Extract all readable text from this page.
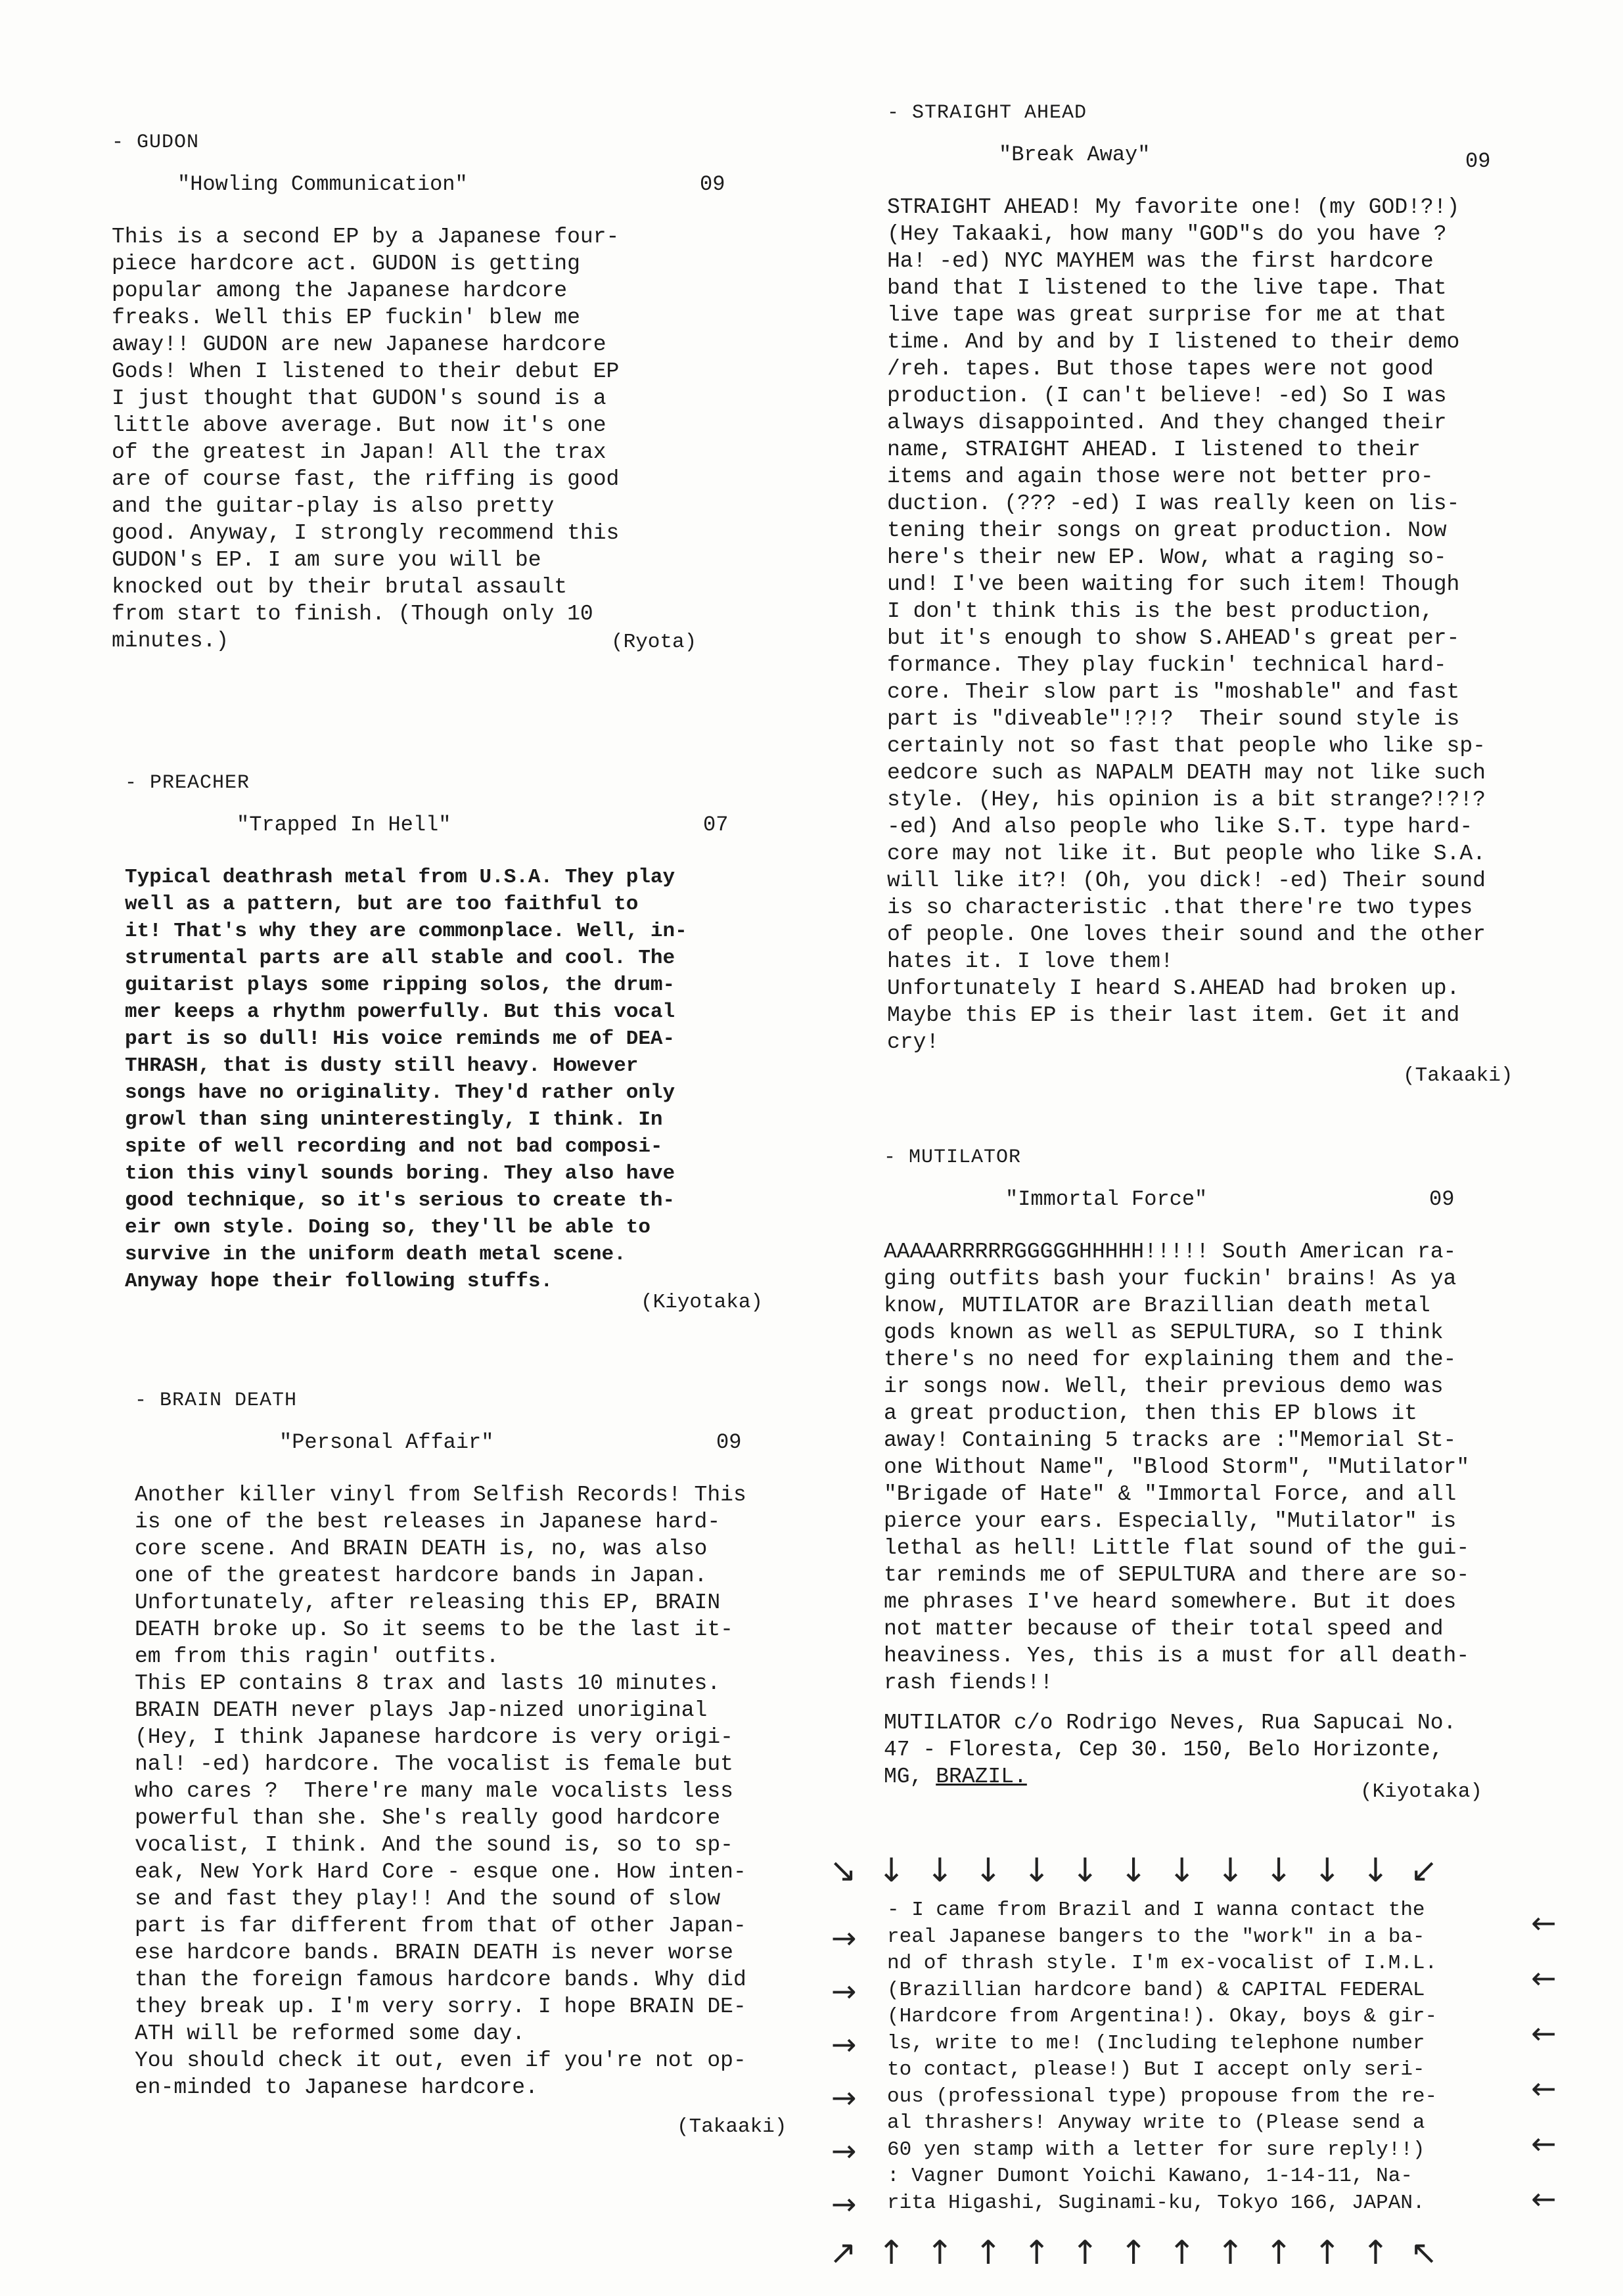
- GUDON
"Howling Communication"	09

This is a second EP by a Japanese four-

piece hardcore act. GUDON is getting

popular among the Japanese hardcore

freaks. Well this EP fuckin' blew me

away!! GUDON are new Japanese hardcore

Gods! When I listened to their debut EP

I just thought that GUDON's sound is a

little above average. But now it's one

of the greatest in Japan! All the trax

are of course fast, the riffing is good

and the guitar-play is also pretty

good. Anyway, I strongly recommend this

GUDON's EP. I am sure you will be

knocked out by their brutal assault

from start to finish. (Though only 10

minutes.)	(Ryota)
- PREACHER
"Trapped In Hell"	07

Typical deathrash metal from U.S.A. They play

well as a pattern, but are too faithful to

it! That's why they are commonplace. Well, in-

strumental parts are all stable and cool. The

guitarist plays some ripping solos, the drum-

mer keeps a rhythm powerfully. But this vocal

part is so dull! His voice reminds me of DEA-

THRASH, that is dusty still heavy. However

songs have no originality. They'd rather only

growl than sing uninterestingly, I think. In

spite of well recording and not bad composi-

tion this vinyl sounds boring. They also have

good technique, so it's serious to create th-

eir own style. Doing so, they'll be able to

survive in the uniform death metal scene.

Anyway hope their following stuffs.

(Kiyotaka)
- BRAIN DEATH
"Personal Affair"	09

Another killer vinyl from Selfish Records! This

is one of the best releases in Japanese hard-

core scene. And BRAIN DEATH is, no, was also

one of the greatest hardcore bands in Japan.

Unfortunately, after releasing this EP, BRAIN

DEATH broke up. So it seems to be the last it-

em from this ragin' outfits.

This EP contains 8 trax and lasts 10 minutes.

BRAIN DEATH never plays Jap-nized unoriginal

(Hey, I think Japanese hardcore is very origi-

nal! -ed) hardcore. The vocalist is female but

who cares ?  There're many male vocalists less

powerful than she. She's really good hardcore

vocalist, I think. And the sound is, so to sp-

eak, New York Hard Core - esque one. How inten-

se and fast they play!! And the sound of slow

part is far different from that of other Japan-

ese hardcore bands. BRAIN DEATH is never worse

than the foreign famous hardcore bands. Why did

they break up. I'm very sorry. I hope BRAIN DE-

ATH will be reformed some day.

You should check it out, even if you're not op-

en-minded to Japanese hardcore.

(Takaaki)
- STRAIGHT AHEAD
"Break Away"	09

STRAIGHT AHEAD! My favorite one! (my GOD!?!)

(Hey Takaaki, how many "GOD"s do you have ?

Ha! -ed) NYC MAYHEM was the first hardcore

band that I listened to the live tape. That

live tape was great surprise for me at that

time. And by and by I listened to their demo

/reh. tapes. But those tapes were not good

production. (I can't believe! -ed) So I was

always disappointed. And they changed their

name, STRAIGHT AHEAD. I listened to their

items and again those were not better pro-

duction. (??? -ed) I was really keen on lis-

tening their songs on great production. Now

here's their new EP. Wow, what a raging so-

und! I've been waiting for such item! Though

I don't think this is the best production,

but it's enough to show S.AHEAD's great per-

formance. They play fuckin' technical hard-

core. Their slow part is "moshable" and fast

part is "diveable"!?!?  Their sound style is

certainly not so fast that people who like sp-

eedcore such as NAPALM DEATH may not like such

style. (Hey, his opinion is a bit strange?!?!?

-ed) And also people who like S.T. type hard-

core may not like it. But people who like S.A.

will like it?! (Oh, you dick! -ed) Their sound

is so characteristic .that there're two types

of people. One loves their sound and the other

hates it. I love them!

Unfortunately I heard S.AHEAD had broken up.

Maybe this EP is their last item. Get it and

cry!

(Takaaki)
- MUTILATOR
"Immortal Force"	09

AAAAARRRRRGGGGGHHHHH!!!!! South American ra-

ging outfits bash your fuckin' brains! As ya

know, MUTILATOR are Brazillian death metal

gods known as well as SEPULTURA, so I think

there's no need for explaining them and the-

ir songs now. Well, their previous demo was

a great production, then this EP blows it

away! Containing 5 tracks are :"Memorial St-

one Without Name", "Blood Storm", "Mutilator"

"Brigade of Hate" & "Immortal Force, and all

pierce your ears. Especially, "Mutilator" is

lethal as hell! Little flat sound of the gui-

tar reminds me of SEPULTURA and there are so-

me phrases I've heard somewhere. But it does

not matter because of their total speed and

heaviness. Yes, this is a must for all death-

rash fiends!!

MUTILATOR c/o Rodrigo Neves, Rua Sapucai No.

47 - Floresta, Cep 30. 150, Belo Horizonte,

MG, BRAZIL.

(Kiyotaka)
↘  ↓  ↓  ↓  ↓  ↓  ↓  ↓  ↓  ↓  ↓  ↓  ↙
→
→
→
→
→
→

- I came from Brazil and I wanna contact the

real Japanese bangers to the "work" in a ba-

nd of thrash style. I'm ex-vocalist of I.M.L.

(Brazillian hardcore band) & CAPITAL FEDERAL

(Hardcore from Argentina!). Okay, boys & gir-

ls, write to me! (Including telephone number

to contact, please!) But I accept only seri-

ous (professional type) propouse from the re-

al thrashers! Anyway write to (Please send a

60 yen stamp with a letter for sure reply!!)

: Vagner Dumont Yoichi Kawano, 1-14-11, Na-

rita Higashi, Suginami-ku, Tokyo 166, JAPAN.

←
←
←
←
←
←
↗  ↑  ↑  ↑  ↑  ↑  ↑  ↑  ↑  ↑  ↑  ↑  ↖
